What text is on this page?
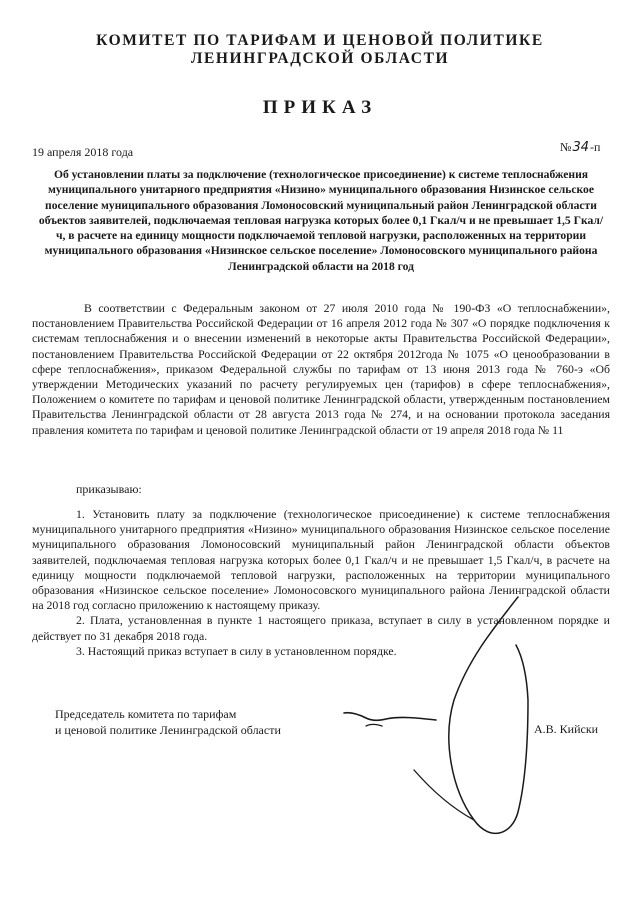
КОМИТЕТ ПО ТАРИФАМ И ЦЕНОВОЙ ПОЛИТИКЕ
ЛЕНИНГРАДСКОЙ ОБЛАСТИ
ПРИКАЗ
19 апреля 2018 года	№34-п
Об установлении платы за подключение (технологическое присоединение) к системе теплоснабжения муниципального унитарного предприятия «Низино» муниципального образования Низинское сельское поселение муниципального образования Ломоносовский муниципальный район Ленинградской области объектов заявителей, подключаемая тепловая нагрузка которых более 0,1 Гкал/ч и не превышает 1,5 Гкал/ч, в расчете на единицу мощности подключаемой тепловой нагрузки, расположенных на территории муниципального образования «Низинское сельское поселение» Ломоносовского муниципального района Ленинградской области на 2018 год
В соответствии с Федеральным законом от 27 июля 2010 года № 190-ФЗ «О теплоснабжении», постановлением Правительства Российской Федерации от 16 апреля 2012 года № 307 «О порядке подключения к системам теплоснабжения и о внесении изменений в некоторые акты Правительства Российской Федерации», постановлением Правительства Российской Федерации от 22 октября 2012года № 1075 «О ценообразовании в сфере теплоснабжения», приказом Федеральной службы по тарифам от 13 июня 2013 года № 760-э «Об утверждении Методических указаний по расчету регулируемых цен (тарифов) в сфере теплоснабжения», Положением о комитете по тарифам и ценовой политике Ленинградской области, утвержденным постановлением Правительства Ленинградской области от 28 августа 2013 года № 274, и на основании протокола заседания правления комитета по тарифам и ценовой политике Ленинградской области от 19 апреля 2018 года № 11
приказываю:

1. Установить плату за подключение (технологическое присоединение) к системе теплоснабжения муниципального унитарного предприятия «Низино» муниципального образования Низинское сельское поселение муниципального образования Ломоносовский муниципальный район Ленинградской области объектов заявителей, подключаемая тепловая нагрузка которых более 0,1 Гкал/ч и не превышает 1,5 Гкал/ч, в расчете на единицу мощности подключаемой тепловой нагрузки, расположенных на территории муниципального образования «Низинское сельское поселение» Ломоносовского муниципального района Ленинградской области на 2018 год согласно приложению к настоящему приказу.

2. Плата, установленная в пункте 1 настоящего приказа, вступает в силу в установленном порядке и действует по 31 декабря 2018 года.

3. Настоящий приказ вступает в силу в установленном порядке.

Председатель комитета по тарифам
и ценовой политике Ленинградской области	А.В. Кийски
